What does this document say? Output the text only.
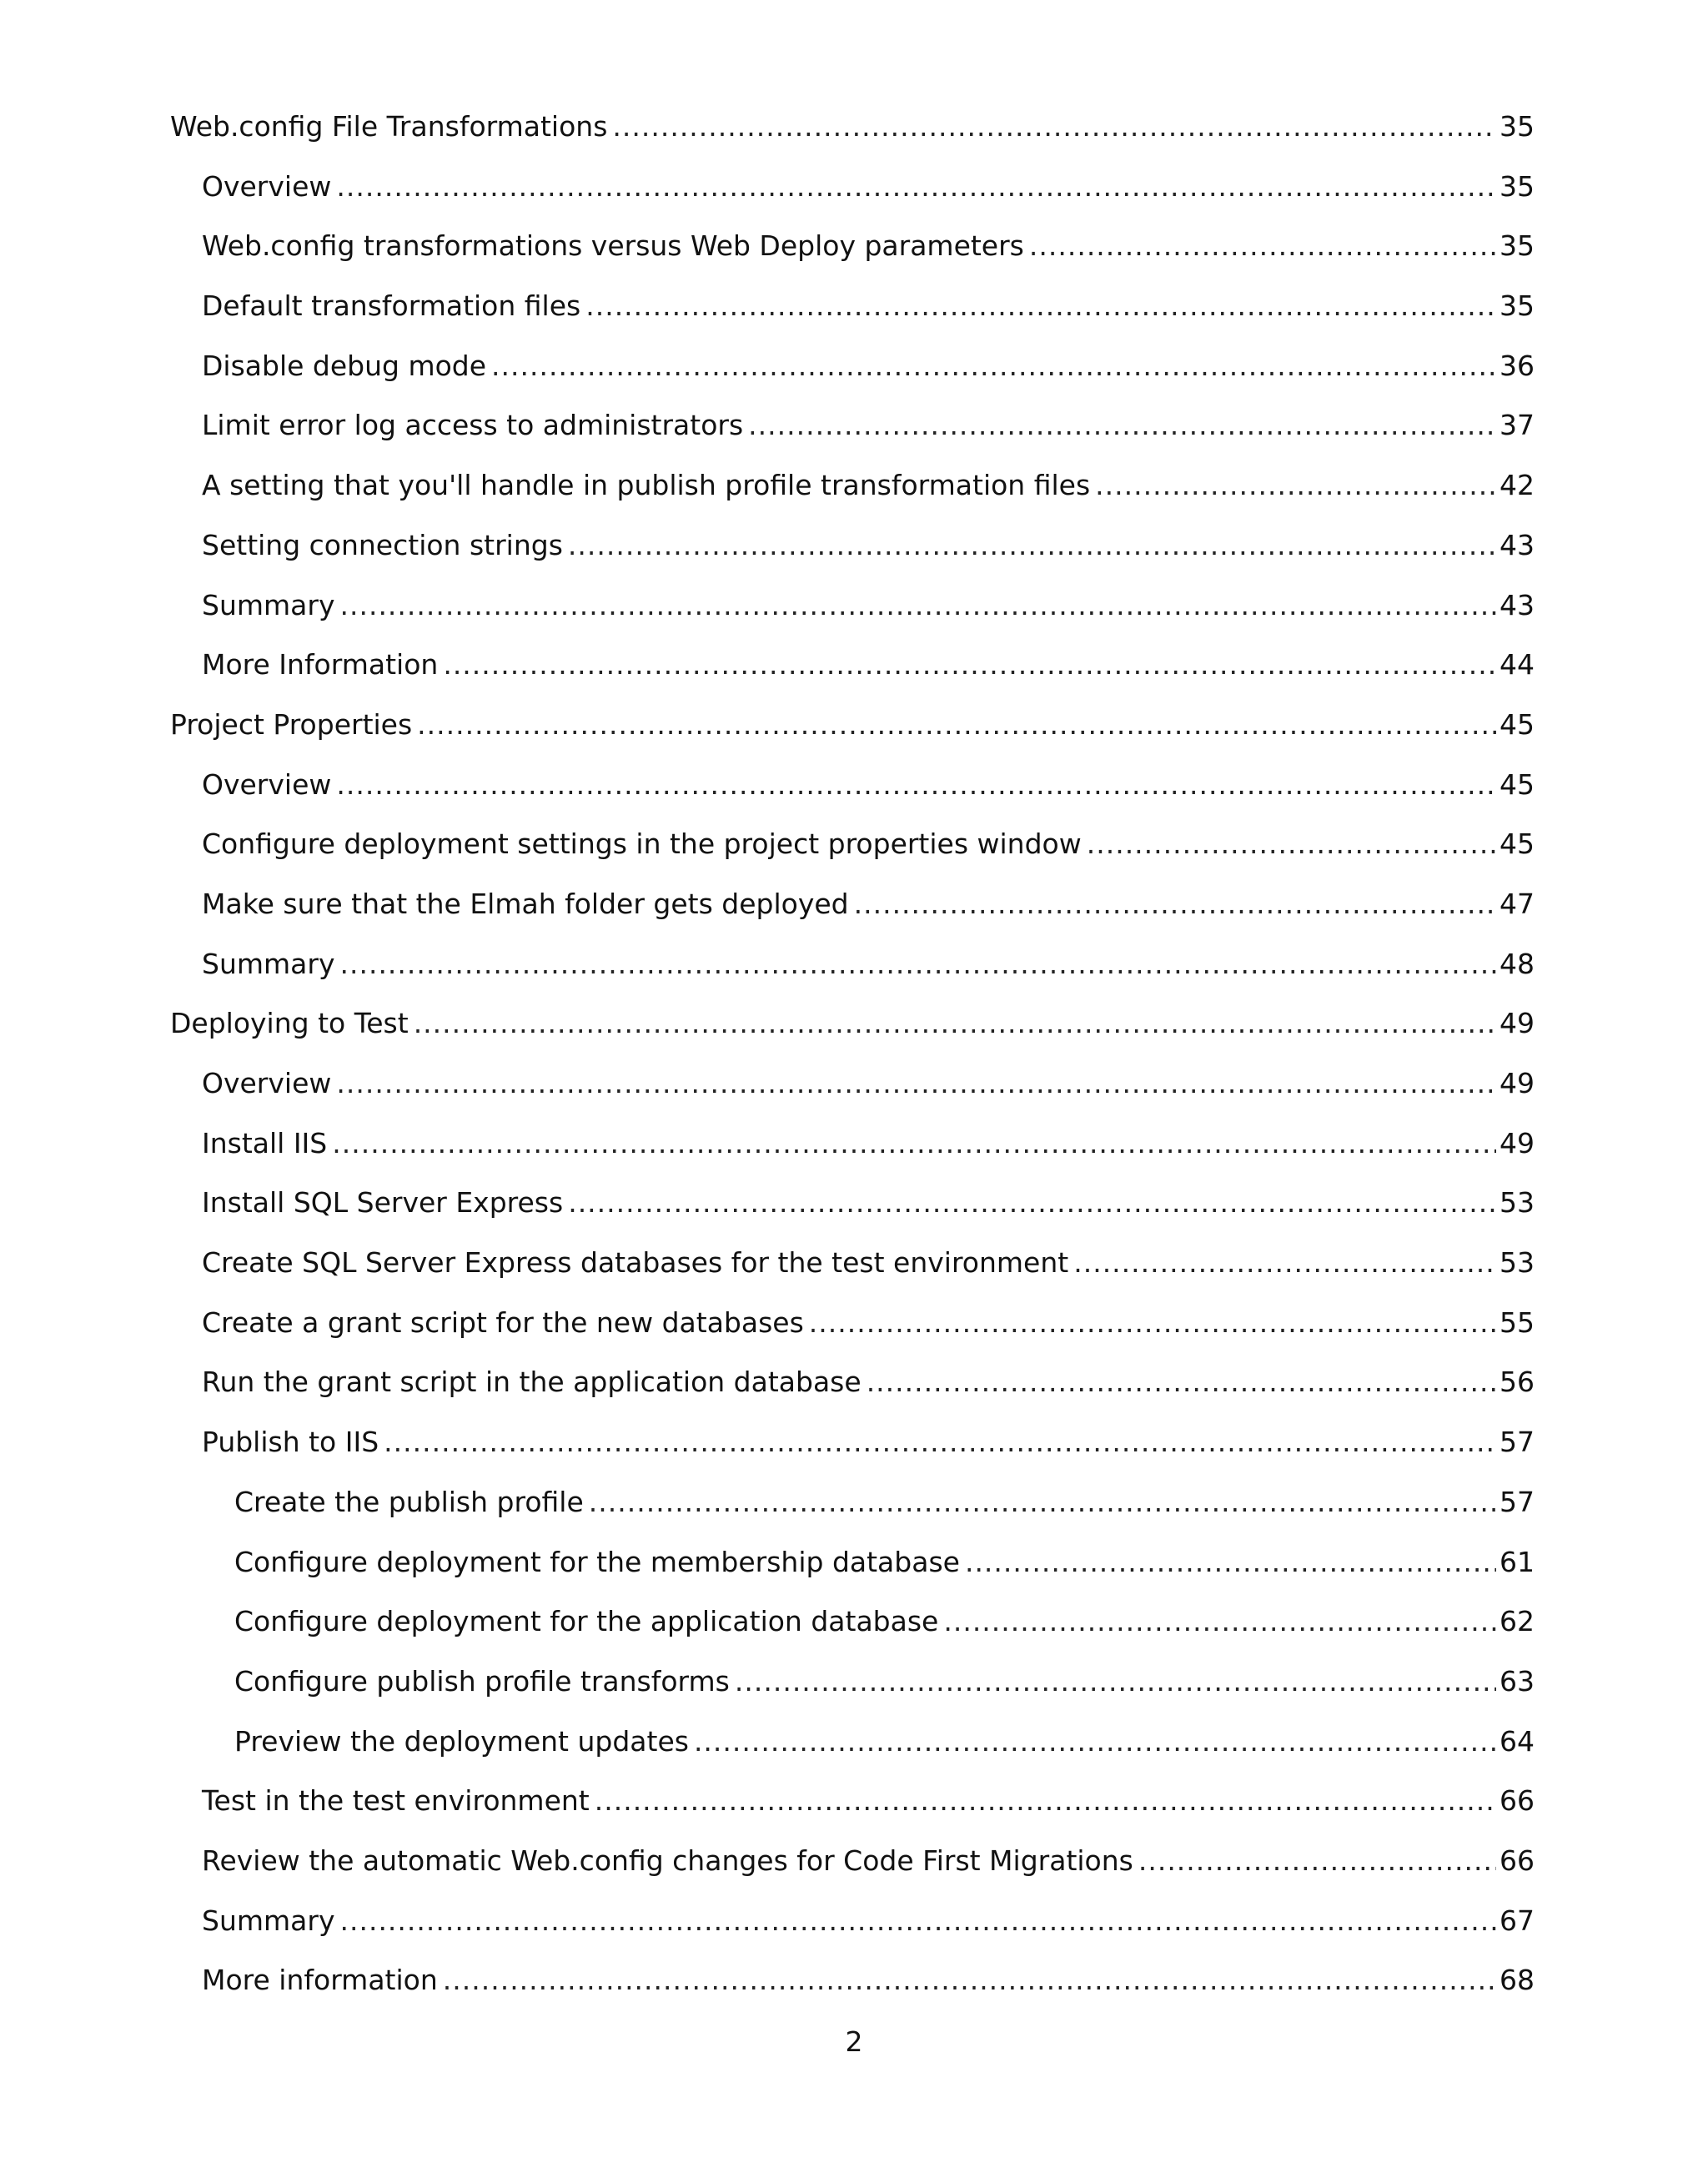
Web.config File Transformations .....	35
Overview .....	35
Web.config transformations versus Web Deploy parameters .....	35
Default transformation files .....	35
Disable debug mode .....	36
Limit error log access to administrators .....	37
A setting that you'll handle in publish profile transformation files .....	42
Setting connection strings .....	43
Summary .....	43
More Information .....	44
Project Properties .....	45
Overview .....	45
Configure deployment settings in the project properties window .....	45
Make sure that the Elmah folder gets deployed .....	47
Summary .....	48
Deploying to Test .....	49
Overview .....	49
Install IIS .....	49
Install SQL Server Express .....	53
Create SQL Server Express databases for the test environment .....	53
Create a grant script for the new databases .....	55
Run the grant script in the application database .....	56
Publish to IIS .....	57
Create the publish profile .....	57
Configure deployment for the membership database .....	61
Configure deployment for the application database .....	62
Configure publish profile transforms .....	63
Preview the deployment updates .....	64
Test in the test environment .....	66
Review the automatic Web.config changes for Code First Migrations .....	66
Summary .....	67
More information .....	68
2
